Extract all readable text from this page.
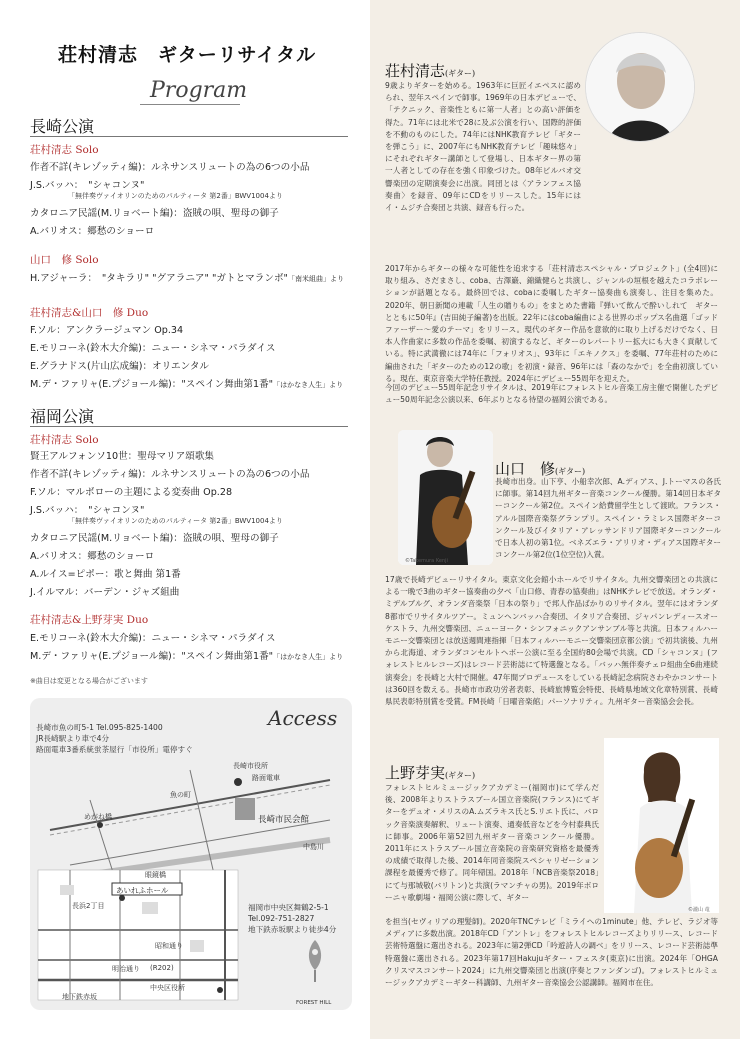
荘村清志　ギターリサイタル
Program
長崎公演
荘村清志 Solo
作者不詳(キレゾッティ編)：ルネサンスリュートの為の6つの小品
J.S.バッハ：　"シャコンヌ"
「無伴奏ヴァイオリンのためのパルティータ 第2番」BWV1004より
カタロニア民謡(M.リョベート編)：盗賊の唄、聖母の御子
A.バリオス：郷愁のショーロ
山口　修 Solo
H.アジャーラ：　"タキラリ" "グアラニア" "ガトとマランボ"「南米組曲」より
荘村清志&山口　修 Duo
F.ソル：アンクラージュマン Op.34
E.モリコーネ(鈴木大介編)：ニュー・シネマ・パラダイス
E.グラナドス(片山広成編)：オリエンタル
M.デ・ファリャ(E.プジョール編)："スペイン舞曲第1番"「はかなき人生」より
福岡公演
荘村清志 Solo
賢王アルフォンソ10世：聖母マリア頌歌集
作者不詳(キレゾッティ編)：ルネサンスリュートの為の6つの小品
F.ソル：マルボローの主題による変奏曲 Op.28
J.S.バッハ：　"シャコンヌ"
「無伴奏ヴァイオリンのためのパルティータ 第2番」BWV1004より
カタロニア民謡(M.リョベート編)：盗賊の唄、聖母の御子
A.バリオス：郷愁のショーロ
A.ルイス=ピポー：歌と舞曲 第1番
J.イルマル：バーデン・ジャズ組曲
荘村清志&上野芽実 Duo
E.モリコーネ(鈴木大介編)：ニュー・シネマ・パラダイス
M.デ・ファリャ(E.プジョール編)："スペイン舞曲第1番"「はかなき人生」より
※曲目は変更となる場合がございます
Access
長崎市魚の町5-1 Tel.095-825-1400
JR長崎駅より車で4分
路面電車3番系統蛍茶屋行「市役所」電停すぐ
長崎市役所
路面電車
魚の町
めがね橋	長崎市民会館
中島川
眼鏡橋
長浜2丁目
あいれふホール
昭和通り
(R202)
明治通り
中央区役所
地下鉄赤坂
FOREST HILL
福岡市中央区舞鶴2-5-1
Tel.092-751-2827
地下鉄赤坂駅より徒歩4分
荘村清志(ギター)
9歳よりギターを始める。1963年に巨匠イエペスに認められ、翌年スペインで師事。1969年の日本デビューで、「テクニック、音楽性ともに第一人者」との高い評価を得た。71年には北米で28に及ぶ公演を行い、国際的評価を不動のものにした。74年にはNHK教育テレビ「ギターを弾こう」に、2007年にもNHK教育テレビ「趣味悠々」にそれぞれギター講師として登場し、日本ギター界の第一人者としての存在を強く印象づけた。08年ビルバオ交響楽団の定期演奏会に出演。同団とは〈アランフェス協奏曲〉を録音、09年にCDをリリースした。15年にはイ・ムジチ合奏団と共演、録音も行った。
2017年からギターの様々な可能性を追求する「荘村清志スペシャル・プロジェクト」(全4回)に取り組み、さだまさし、coba、古澤巌、錦織健らと共演し、ジャンルの垣根を越えたコラボレーションが話題となる。最終回では、cobaに委嘱したギター協奏曲も演奏し、注目を集めた。2020年、朝日新聞の連載「人生の贈りもの」をまとめた書籍『弾いて飲んで酔いしれて　ギターとともに50年』(吉田純子編著)を出版。22年にはcoba編曲による世界のポップス名曲選「ゴッドファーザー～愛のテーマ」をリリース。現代のギター作品を意欲的に取り上げるだけでなく、日本人作曲家に多数の作品を委嘱、初演するなど、ギターのレパートリー拡大にも大きく貢献している。特に武満徹には74年に「フォリオス」、93年に「エキノクス」を委嘱、77年荘村のために編曲された「ギターのための12の歌」を初演・録音、96年には「森のなかで」を全曲初演している。現在、東京音楽大学特任教授。2024年にデビュー55周年を迎えた。
今回のデビュー55周年記念リサイタルは、2019年にフォレストヒル音楽工房主催で開催したデビュー50周年記念公演以来、6年ぶりとなる待望の福岡公演である。
©Takemura Kenji
山口　修(ギター)
長崎市出身。山下亨、小船幸次郎、A.ディアス、J.トーマスの各氏に師事。第14回九州ギター音楽コンクール優勝。第14回日本ギターコンクール第2位。スペイン給費留学生として渡欧。フランス・アルル国際音楽祭グランプリ。スペイン・ラミレス国際ギターコンクール及びイタリア・アレッサンドリア国際ギターコンクールで日本人初の第1位。ベネズエラ・アリリオ・ディアス国際ギターコンクール第2位(1位空位)入賞。
17歳で長崎デビューリサイタル。東京文化会館小ホールでリサイタル。九州交響楽団との共演による一晩で3曲のギター協奏曲の夕べ「山口修、青春の協奏曲」はNHKテレビで放送。オランダ・ミデルブルグ、オランダ音楽祭「日本の祭り」で邦人作品ばかりのリサイタル。翌年にはオランダ8都市でリサイタルツアー。ミュンヘンバッハ合奏団、イタリア合奏団、ジャパンレディースオーケストラ、九州交響楽団、ニューヨーク・シンフォニックアンサンブル等と共演。日本フィルハーモニー交響楽団とは放送週間連指揮「日本フィルハーモニー交響楽団京都公演」で初共演後、九州から北海道、オランダコンセルトヘボー公演に至る全国約80会場で共演。CD「シャコンヌ」(フォレストヒルレコーズ)はレコード芸術誌にて特選盤となる。「バッハ無伴奏チェロ組曲全6曲連続演奏会」を長崎と大村で開催。47年間プロデュースをしている長崎記念病院さわやかコンサートは360回を数える。長崎市市政功労者表彰、長崎旅博覧会特使、長崎県地域文化章特別賞、長崎県民表彰特別賞を受賞。FM長崎「日曜音楽館」パーソナリティ。九州ギター音楽協会会長。
©瀧山 竜
上野芽実(ギター)
フォレストヒルミュージックアカデミー(福岡市)にて学んだ後、2008年よりストラスブール国立音楽院(フランス)にてギターをデュオ・メリスのA.ムズラキス氏とS.リエト氏に、バロック音楽演奏解釈、リュート演奏、通奏低音などを今村泰典氏に師事。2006年第52回九州ギター音楽コンクール優勝。2011年にストラスブール国立音楽院の音楽研究資格を最優秀の成績で取得した後、2014年同音楽院スペシャリゼーション課程を最優秀で修了。同年帰国。2018年「NCB音楽祭2018」にて与那城敬(バリトン)と共演(ラマンチャの男)。2019年ボローニャ歌劇場・福岡公演に際して、ギター
を担当(セヴィリアの理髪師)。2020年TNCテレビ「ミライへの1minute」他、テレビ、ラジオ等メディアに多数出演。2018年CD「アントレ」をフォレストヒルレコーズよりリリース、レコード芸術特選盤に選出される。2023年に第2弾CD「吟遊詩人の調べ」をリリース、レコード芸術誌準特選盤に選出される。2023年第17回Hakujuギター・フェスタ(東京)に出演。2024年「OHGA クリスマスコンサート2024」に九州交響楽団と出演(序奏とファンダンゴ)。フォレストヒルミュージックアカデミーギター科講師、九州ギター音楽協会公認講師。福岡市在住。
